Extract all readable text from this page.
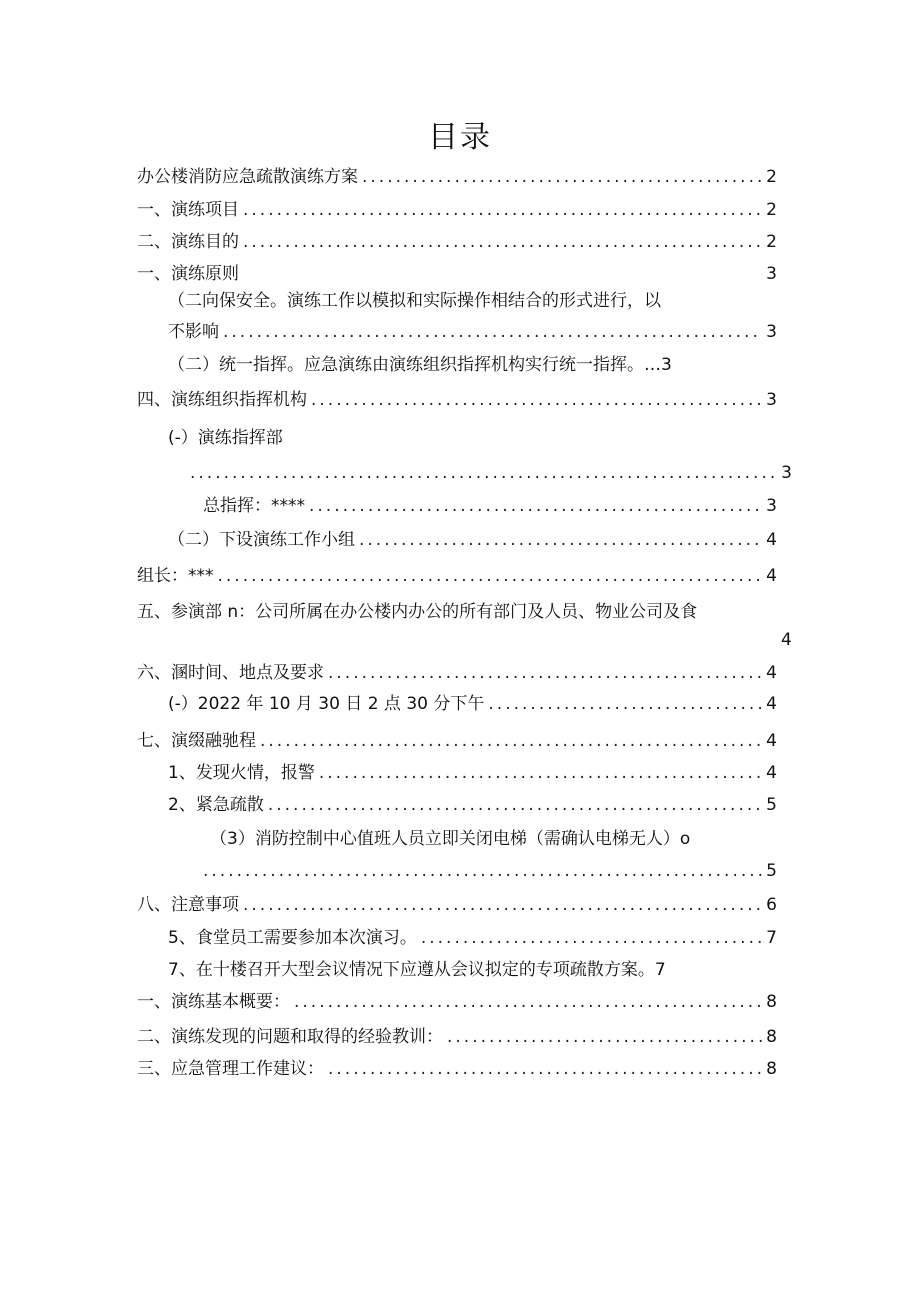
目录
办公楼消防应急疏散演练方案 .....	2
一、演练项目 .....	2
二、演练目的 .....	2
一、演练原则	3
（二向保安全。演练工作以模拟和实际操作相结合的形式进行，以
不影响 .....	3
（二）统一指挥。应急演练由演练组织指挥机构实行统一指挥。…3
四、演练组织指挥机构 .....	3
(-）演练指挥部
.....
3
总指挥：**** .....	3
（二）下设演练工作小组 .....	4
组长：*** .....	4
五、参演部 n：公司所属在办公楼内办公的所有部门及人员、物业公司及食
4
六、溷时间、地点及要求 .....	4
(-）2022 年 10 月 30 日 2 点 30 分下午 .....	4
七、演缀融驰程 .....	4
1、发现火情，报警 .....	4
2、紧急疏散 .....	5
（3）消防控制中心值班人员立即关闭电梯（需确认电梯无人）o
.....
5
八、注意事项 .....	6
5、食堂员工需要参加本次演习。 .....	7
7、在十楼召开大型会议情况下应遵从会议拟定的专项疏散方案。7
一、演练基本概要： .....	8
二、演练发现的问题和取得的经验教训： .....	8
三、应急管理工作建议： .....	8
